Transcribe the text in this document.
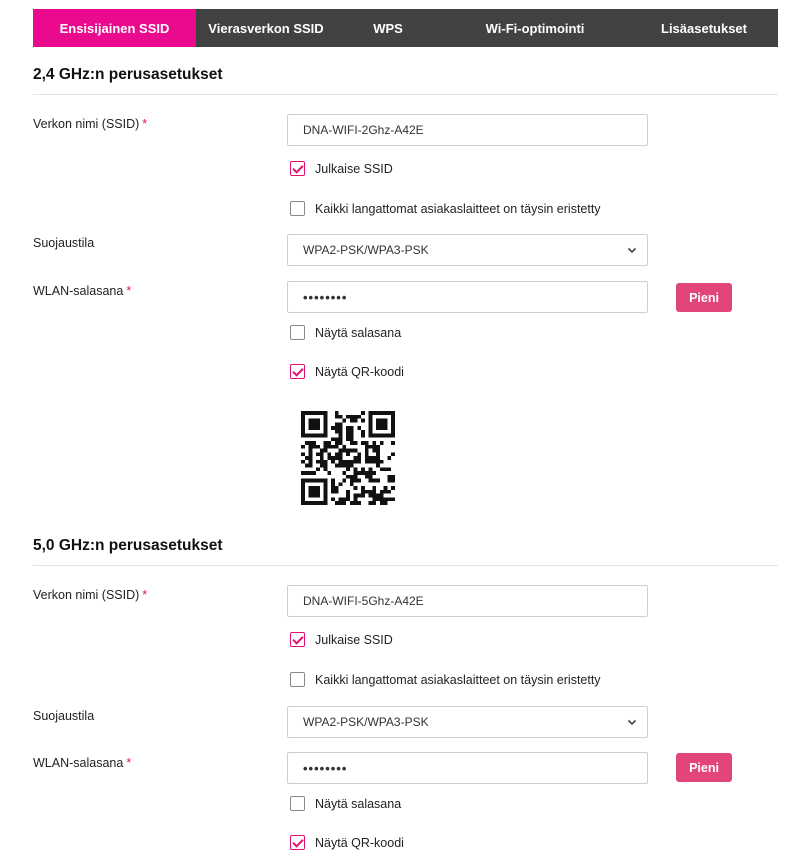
Ensisijainen SSID	Vierasverkon SSID	WPS	Wi-Fi-optimointi	Lisäasetukset
2,4 GHz:n perusasetukset
Verkon nimi (SSID) *	DNA-WIFI-2Ghz-A42E
Julkaise SSID
Kaikki langattomat asiakaslaitteet on täysin eristetty
Suojaustila	WPA2-PSK/WPA3-PSK
WLAN-salasana *	••••••••	Pieni
Näytä salasana
Näytä QR-koodi
5,0 GHz:n perusasetukset
Verkon nimi (SSID) *	DNA-WIFI-5Ghz-A42E
Julkaise SSID
Kaikki langattomat asiakaslaitteet on täysin eristetty
Suojaustila	WPA2-PSK/WPA3-PSK
WLAN-salasana *	••••••••	Pieni
Näytä salasana
Näytä QR-koodi
